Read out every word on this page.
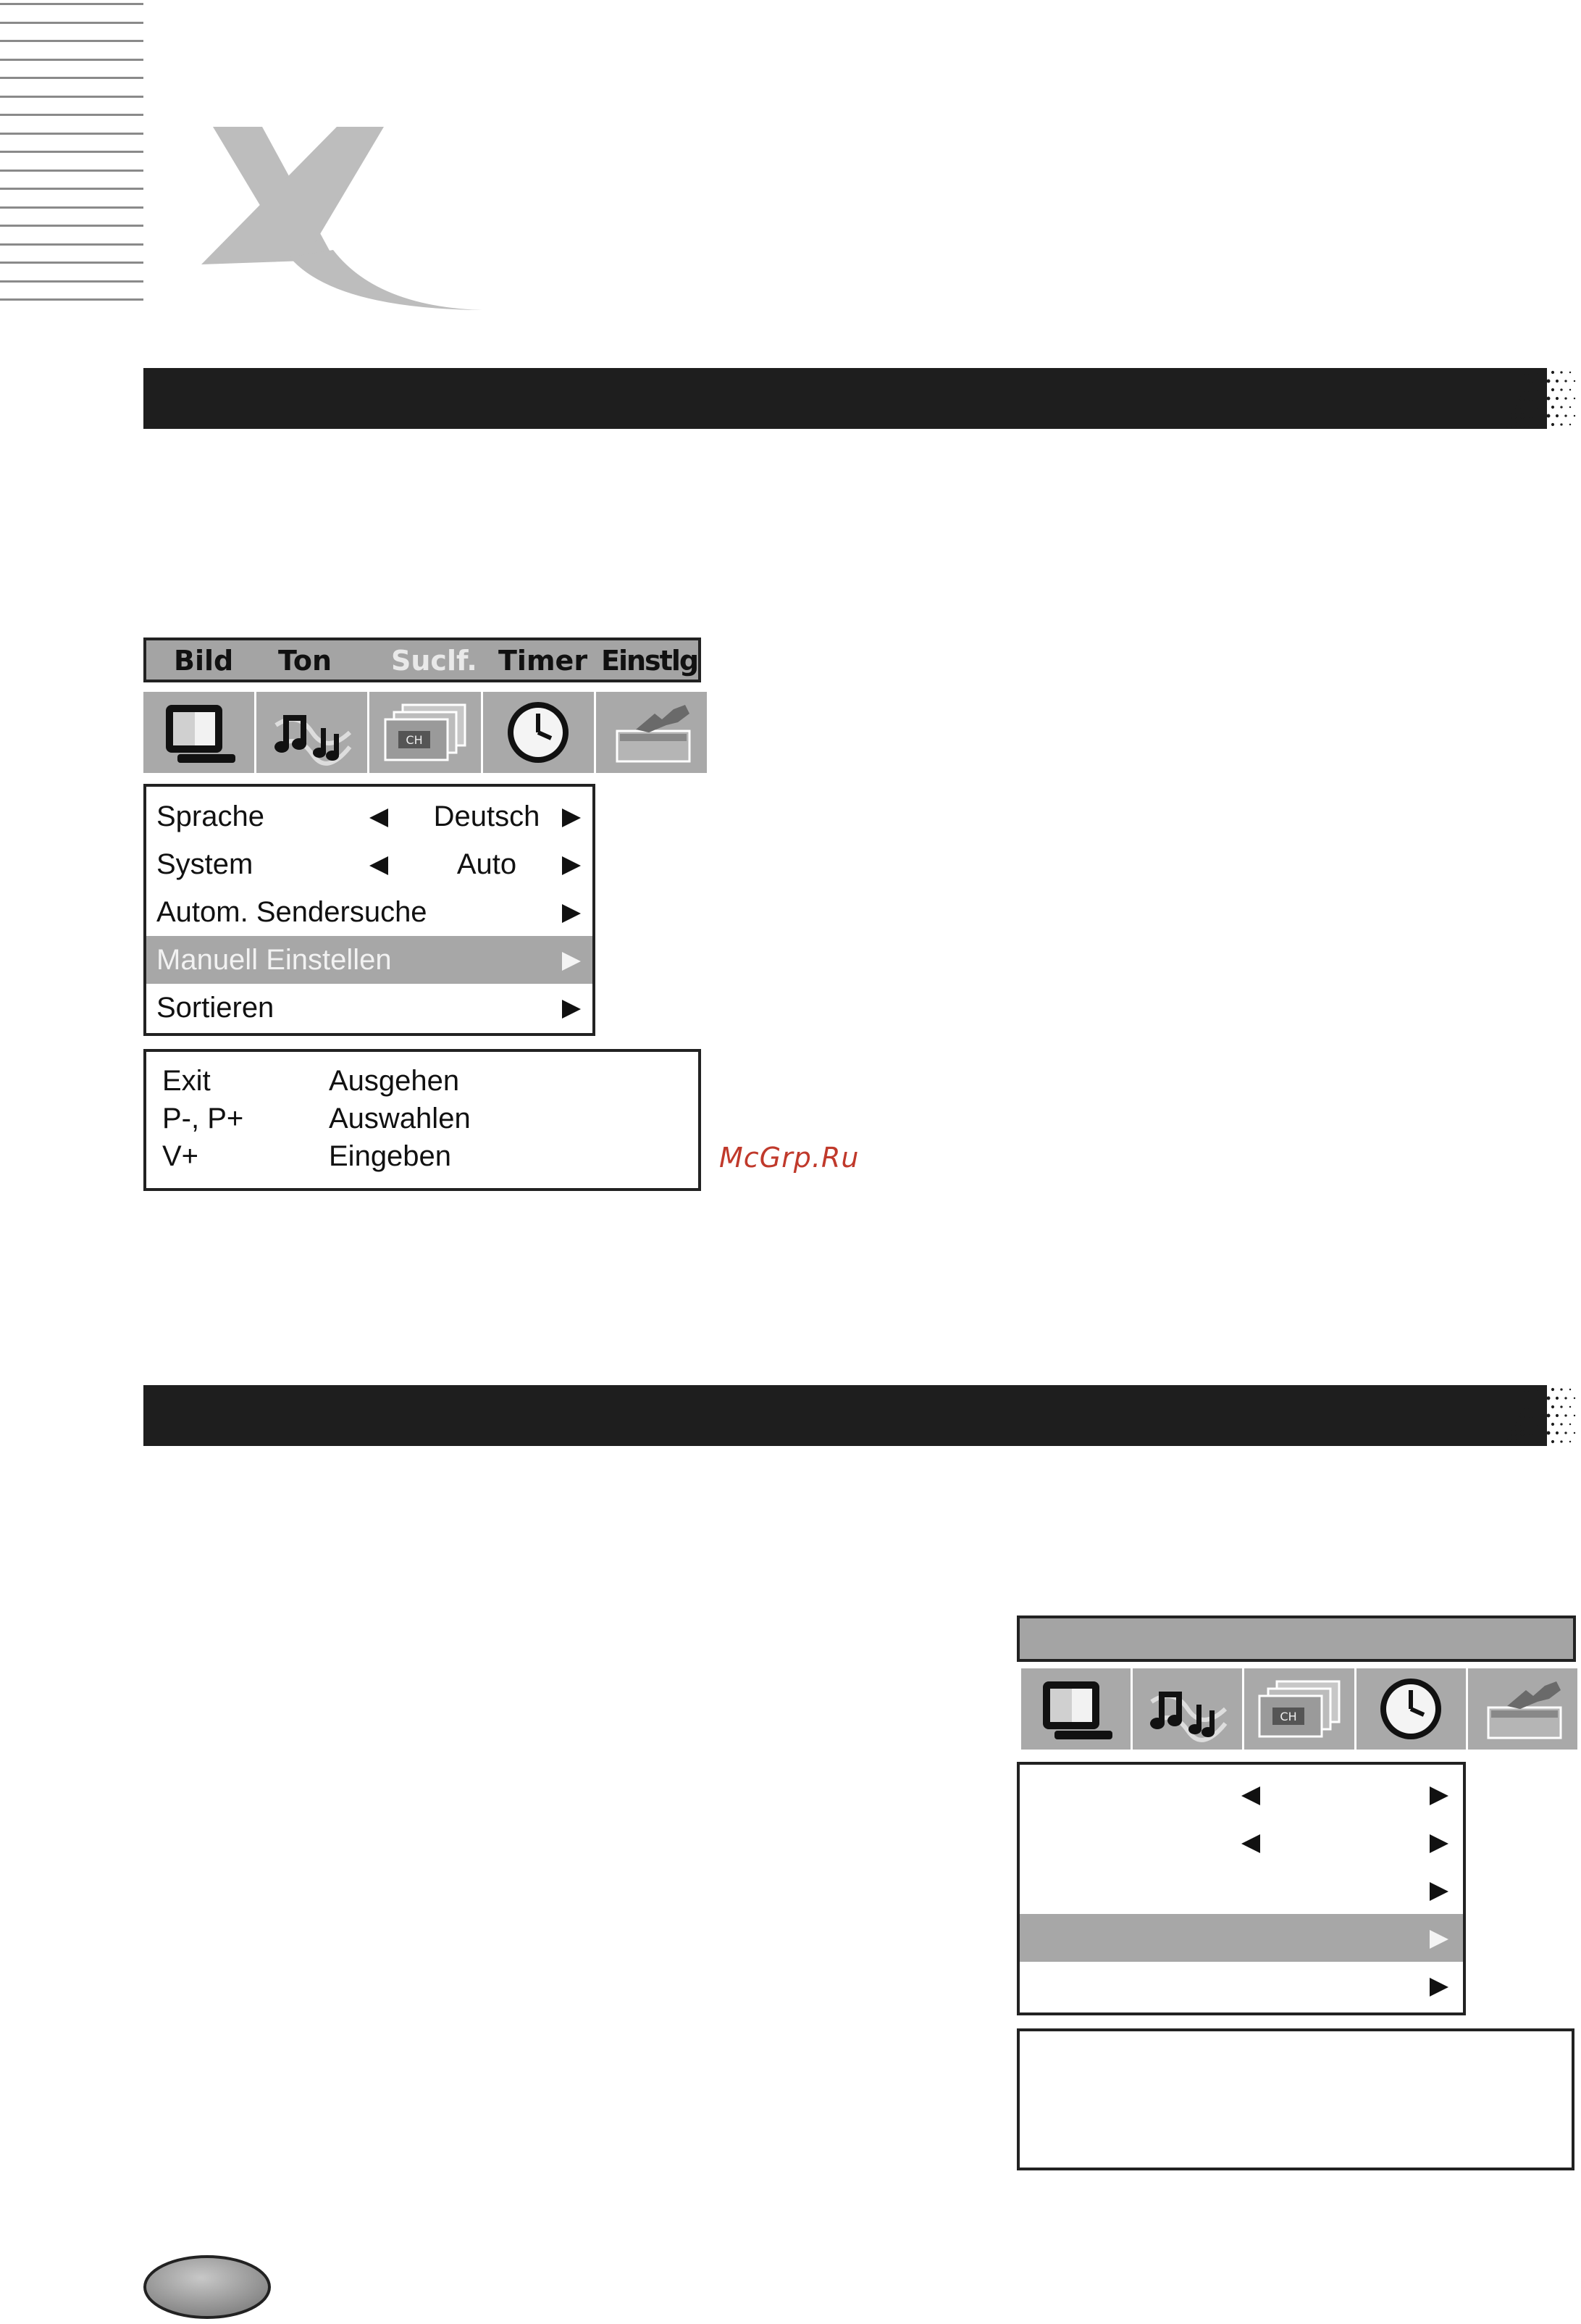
Bild Ton Suclf. Timer Einstlg
CH
Sprache	Deutsch
System	Auto
Autom. Sendersuche
Manuell Einstellen
Sortieren
Exit	Ausgehen
P-, P+	Auswahlen
V+	Eingeben	McGrp.Ru
CH
